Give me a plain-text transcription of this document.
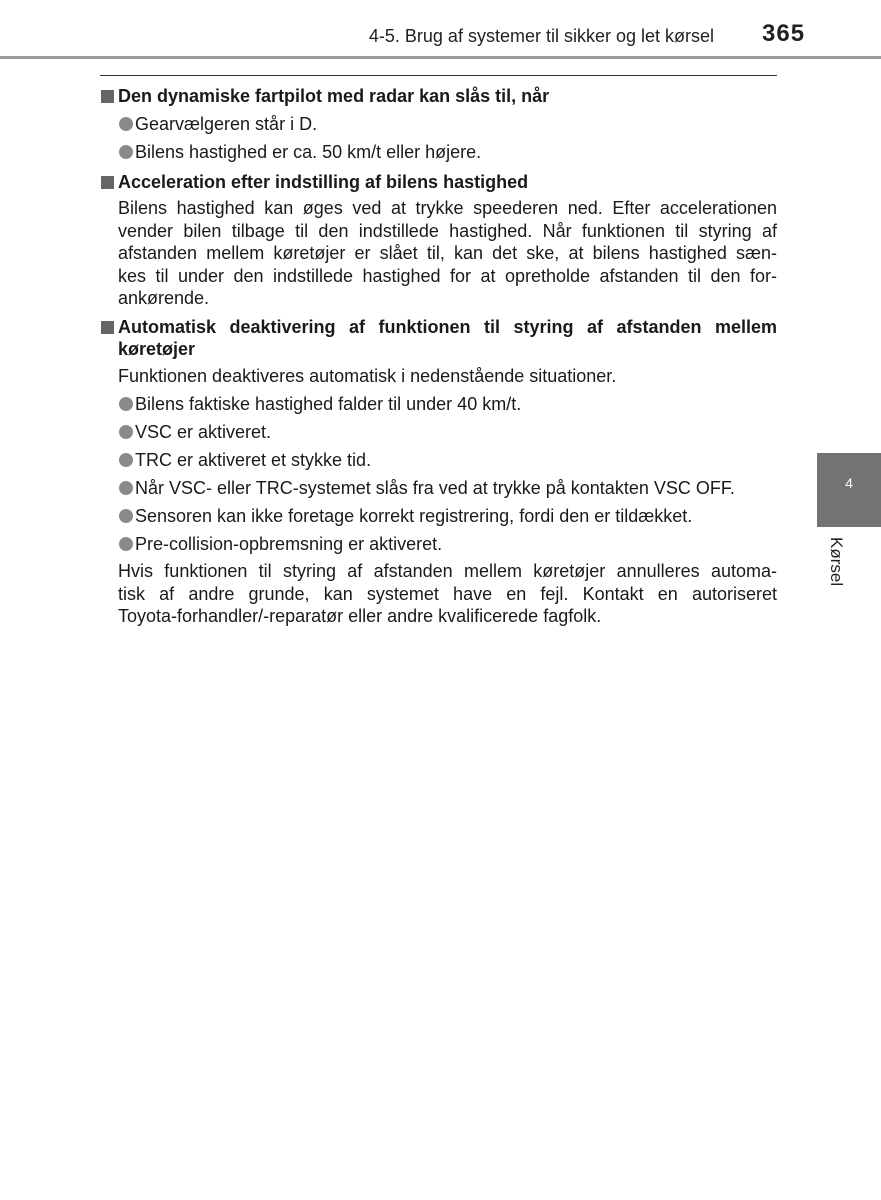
4-5. Brug af systemer til sikker og let kørsel 365
Den dynamiske fartpilot med radar kan slås til, når
Gearvælgeren står i D.
Bilens hastighed er ca. 50 km/t eller højere.
Acceleration efter indstilling af bilens hastighed
Bilens hastighed kan øges ved at trykke speederen ned. Efter accelerationen
vender bilen tilbage til den indstillede hastighed. Når funktionen til styring af
afstanden mellem køretøjer er slået til, kan det ske, at bilens hastighed sæn-
kes til under den indstillede hastighed for at opretholde afstanden til den for-
ankørende.
Automatisk deaktivering af funktionen til styring af afstanden mellem køretøjer
Funktionen deaktiveres automatisk i nedenstående situationer.
Bilens faktiske hastighed falder til under 40 km/t.
VSC er aktiveret.
TRC er aktiveret et stykke tid.
Når VSC- eller TRC-systemet slås fra ved at trykke på kontakten VSC OFF.
Sensoren kan ikke foretage korrekt registrering, fordi den er tildækket.
Pre-collision-opbremsning er aktiveret.
Hvis funktionen til styring af afstanden mellem køretøjer annulleres automa-
tisk af andre grunde, kan systemet have en fejl. Kontakt en autoriseret
Toyota-forhandler/-reparatør eller andre kvalificerede fagfolk.
4
Kørsel
